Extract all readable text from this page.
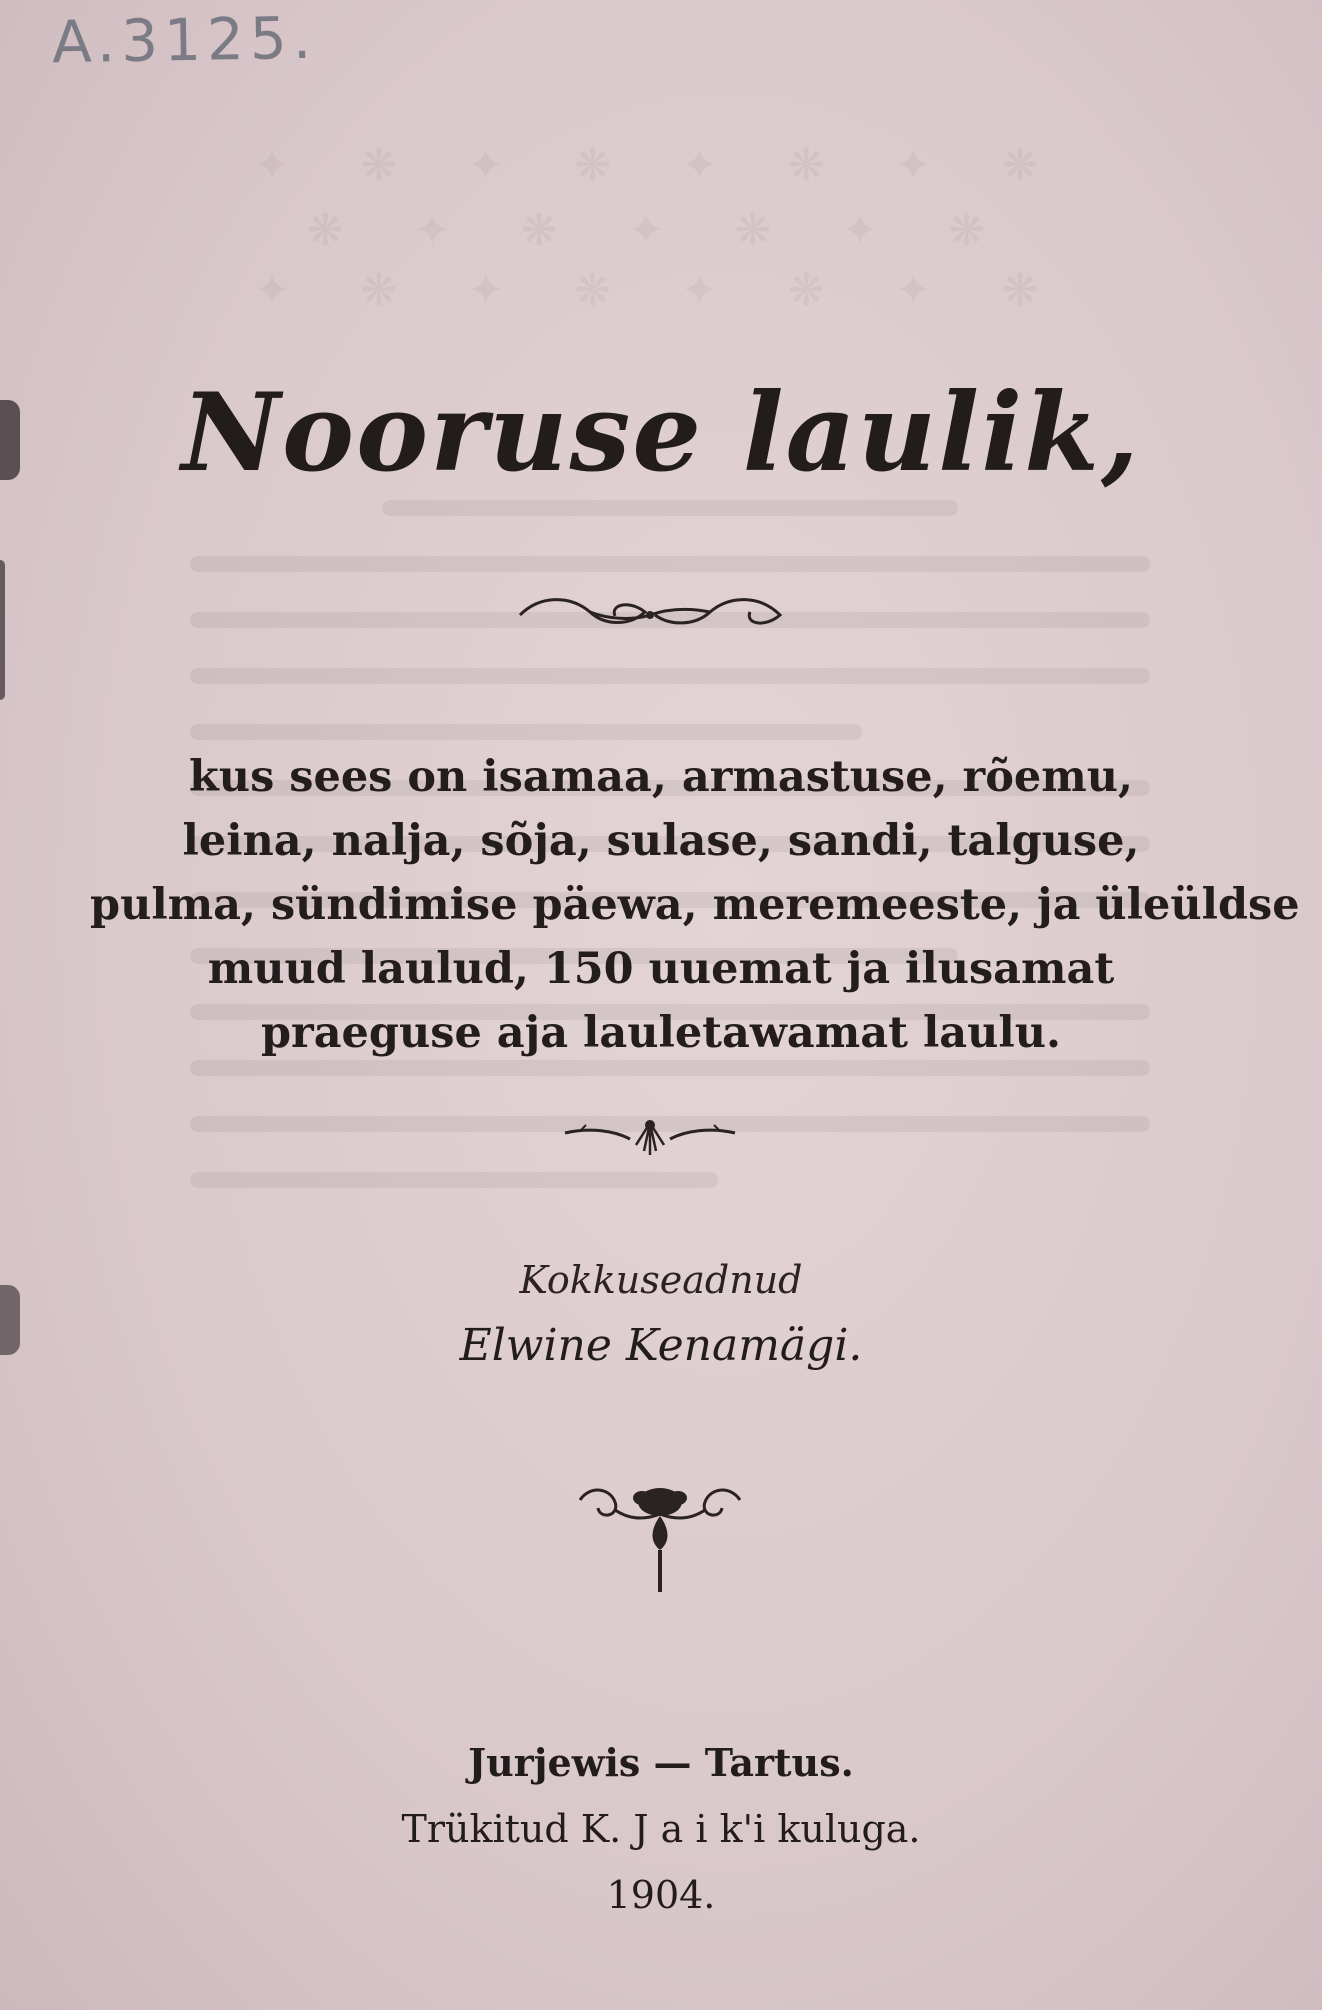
✦ ❋ ✦ ❋ ✦ ❋ ✦ ❋
❋ ✦ ❋ ✦ ❋ ✦ ❋
✦ ❋ ✦ ❋ ✦ ❋ ✦ ❋
A.3125.
Nooruse laulik,
kus sees on isamaa, armastuse, rõemu,
leina, nalja, sõja, sulase, sandi, talguse,
pulma, sündimise päewa, meremeeste, ja üleüldse
muud laulud, 150 uuemat ja ilusamat
praeguse aja lauletawamat laulu.
Kokkuseadnud
Elwine Kenamägi.
Jurjewis — Tartus.
Trükitud K. J a i k'i kuluga.
1904.
